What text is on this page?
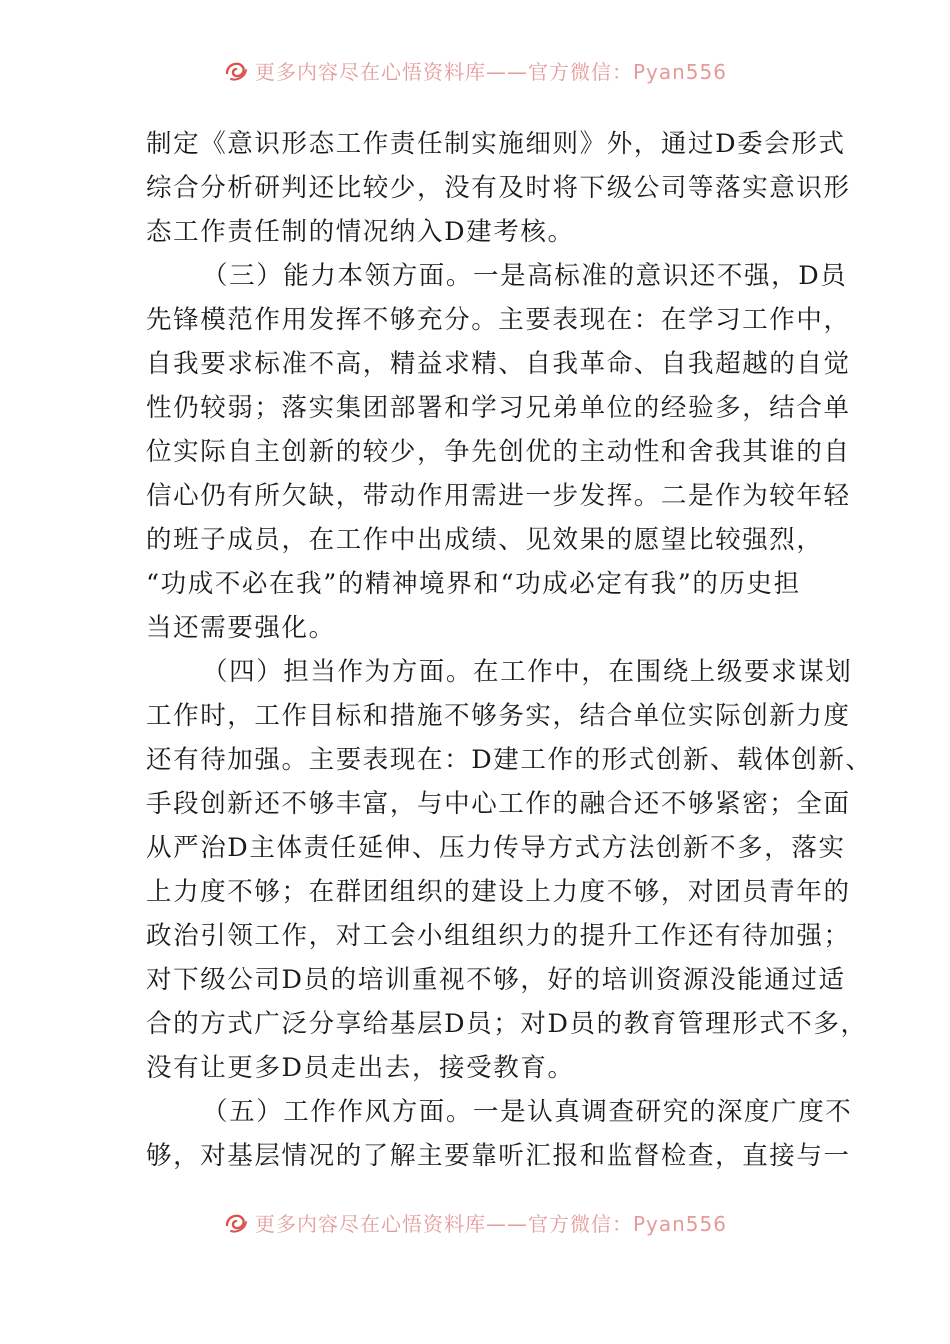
更多内容尽在心悟资料库——官方微信：Pyan556
制定《意识形态工作责任制实施细则》外，通过D委会形式
综合分析研判还比较少，没有及时将下级公司等落实意识形
态工作责任制的情况纳入D建考核。
（三）能力本领方面。一是高标准的意识还不强，D员
先锋模范作用发挥不够充分。主要表现在：在学习工作中，
自我要求标准不高，精益求精、自我革命、自我超越的自觉
性仍较弱；落实集团部署和学习兄弟单位的经验多，结合单
位实际自主创新的较少，争先创优的主动性和舍我其谁的自
信心仍有所欠缺，带动作用需进一步发挥。二是作为较年轻
的班子成员，在工作中出成绩、见效果的愿望比较强烈，
“功成不必在我”的精神境界和“功成必定有我”的历史担
当还需要强化。
（四）担当作为方面。在工作中，在围绕上级要求谋划
工作时，工作目标和措施不够务实，结合单位实际创新力度
还有待加强。主要表现在：D建工作的形式创新、载体创新、
手段创新还不够丰富，与中心工作的融合还不够紧密；全面
从严治D主体责任延伸、压力传导方式方法创新不多，落实
上力度不够；在群团组织的建设上力度不够，对团员青年的
政治引领工作，对工会小组组织力的提升工作还有待加强；
对下级公司D员的培训重视不够，好的培训资源没能通过适
合的方式广泛分享给基层D员；对D员的教育管理形式不多，
没有让更多D员走出去，接受教育。
（五）工作作风方面。一是认真调查研究的深度广度不
够，对基层情况的了解主要靠听汇报和监督检查，直接与一
更多内容尽在心悟资料库——官方微信：Pyan556
